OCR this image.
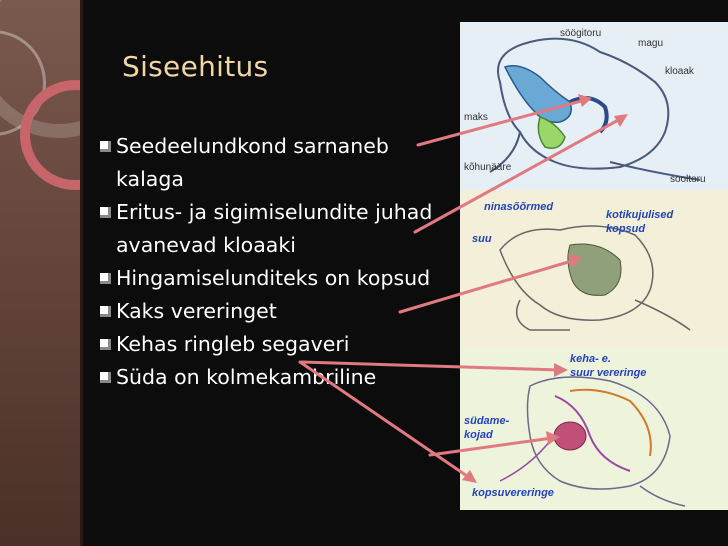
Siseehitus
Seedeelundkond sarnaneb kalaga
Eritus- ja sigimiselundite juhad avanevad kloaaki
Hingamiselunditeks on kopsud
Kaks vereringet
Kehas ringleb segaveri
Süda on kolmekambriline
söögitoru
magu
kloaak
maks
kõhunääre
sooltoru
ninasõõrmed
suu
kotikujulised
kopsud
keha- e.
suur vereringe
südame-
kojad
kopsuvereringe
